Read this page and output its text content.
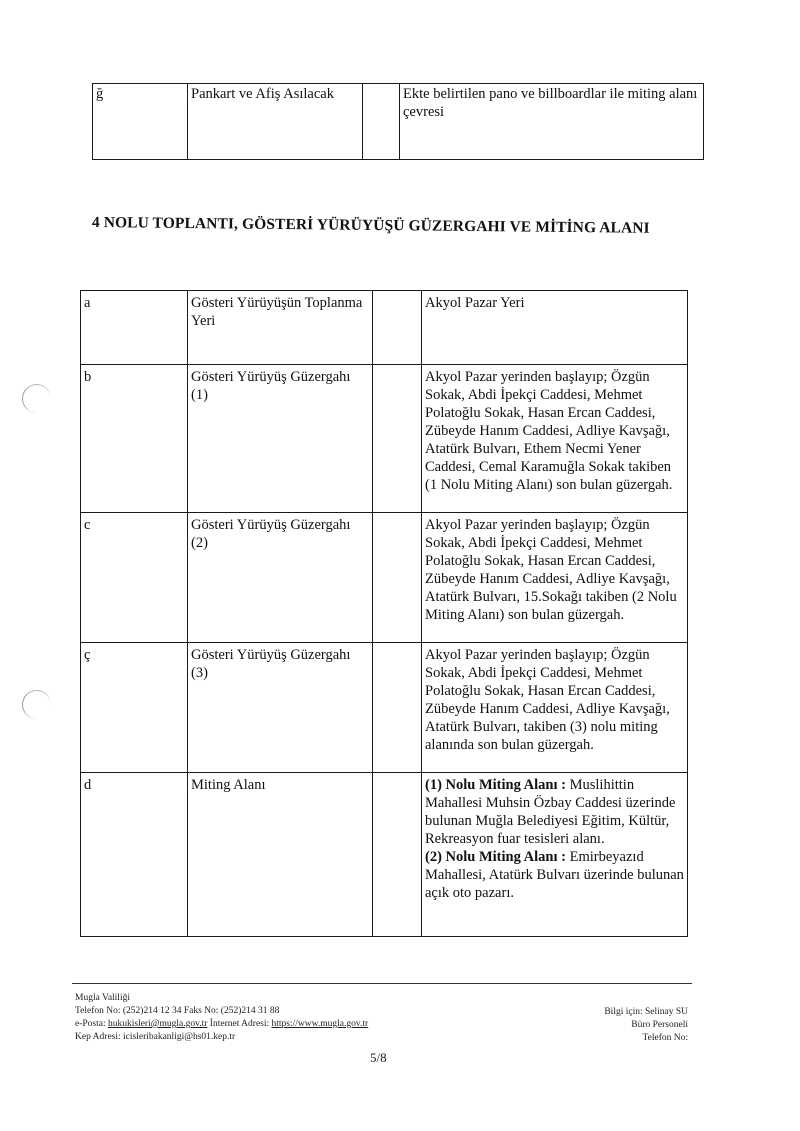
ğ	Pankart ve Afiş Asılacak		Ekte belirtilen pano ve billboardlar ile miting alanı çevresi
4 NOLU TOPLANTI, GÖSTERİ YÜRÜYÜŞÜ GÜZERGAHI VE MİTİNG ALANI
a	Gösteri Yürüyüşün Toplanma Yeri		Akyol Pazar Yeri
b	Gösteri Yürüyüş Güzergahı (1)		Akyol Pazar yerinden başlayıp; Özgün Sokak, Abdi İpekçi Caddesi, Mehmet Polatoğlu Sokak, Hasan Ercan Caddesi, Zübeyde Hanım Caddesi, Adliye Kavşağı, Atatürk Bulvarı, Ethem Necmi Yener Caddesi, Cemal Karamuğla Sokak takiben (1 Nolu Miting Alanı) son bulan güzergah.
c	Gösteri Yürüyüş Güzergahı (2)		Akyol Pazar yerinden başlayıp; Özgün Sokak, Abdi İpekçi Caddesi, Mehmet Polatoğlu Sokak, Hasan Ercan Caddesi, Zübeyde Hanım Caddesi, Adliye Kavşağı, Atatürk Bulvarı, 15.Sokağı takiben (2 Nolu Miting Alanı) son bulan güzergah.
ç	Gösteri Yürüyüş Güzergahı (3)		Akyol Pazar yerinden başlayıp; Özgün Sokak, Abdi İpekçi Caddesi, Mehmet Polatoğlu Sokak, Hasan Ercan Caddesi, Zübeyde Hanım Caddesi, Adliye Kavşağı, Atatürk Bulvarı, takiben (3) nolu miting alanında son bulan güzergah.
d	Miting Alanı		(1) Nolu Miting Alanı : Muslihittin Mahallesi Muhsin Özbay Caddesi üzerinde bulunan Muğla Belediyesi Eğitim, Kültür, Rekreasyon fuar tesisleri alanı.
(2) Nolu Miting Alanı : Emirbeyazıd Mahallesi, Atatürk Bulvarı üzerinde bulunan açık oto pazarı.
Mugla Valiliği
Telefon No: (252)214 12 34 Faks No: (252)214 31 88
e-Posta: hukukisleri@mugla.gov.tr İnternet Adresi: https://www.mugla.gov.tr
Kep Adresi: icisleribakanligi@hs01.kep.tr
Bilgi için: Selinay SU
Büro Personeli
Telefon No:
5/8
